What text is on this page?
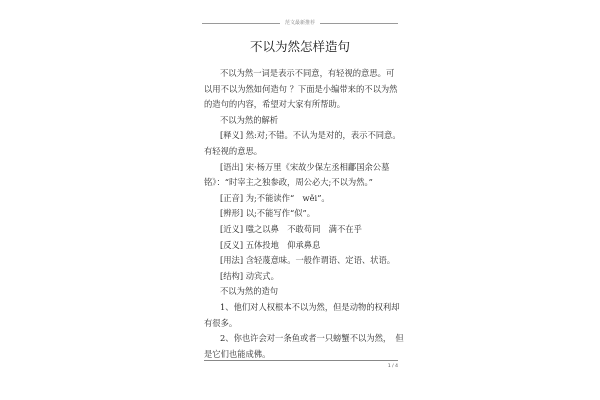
范文最新推荐
不以为然怎样造句

不以为然一词是表示不同意，有轻视的意思。可

以用不以为然如何造句 ？下面是小编带来的不以为然

的造句的内容，希望对大家有所帮助。

不以为然的解析

[释义] 然:对;不错。不认为是对的，表示不同意。

有轻视的意思。

[语出] 宋·杨万里《宋故少保左丞相鄘国余公墓

铭》：“时宰主之独参政，周公必大;不以为然。”

[正音] 为;不能读作“　wěi”。

[辨形] 以;不能写作“似”。

[近义] 嗤之以鼻　不敢苟同　满不在乎

[反义] 五体投地　仰承鼻息

[用法] 含轻蔑意味。一般作谓语、定语、状语。

[结构] 动宾式。

不以为然的造句

1、他们对人权根本不以为然，但是动物的权利却

有很多。

2、你也许会对一条鱼或者一只螃蟹不以为然，　但

是它们也能成佛。

1 / 4
